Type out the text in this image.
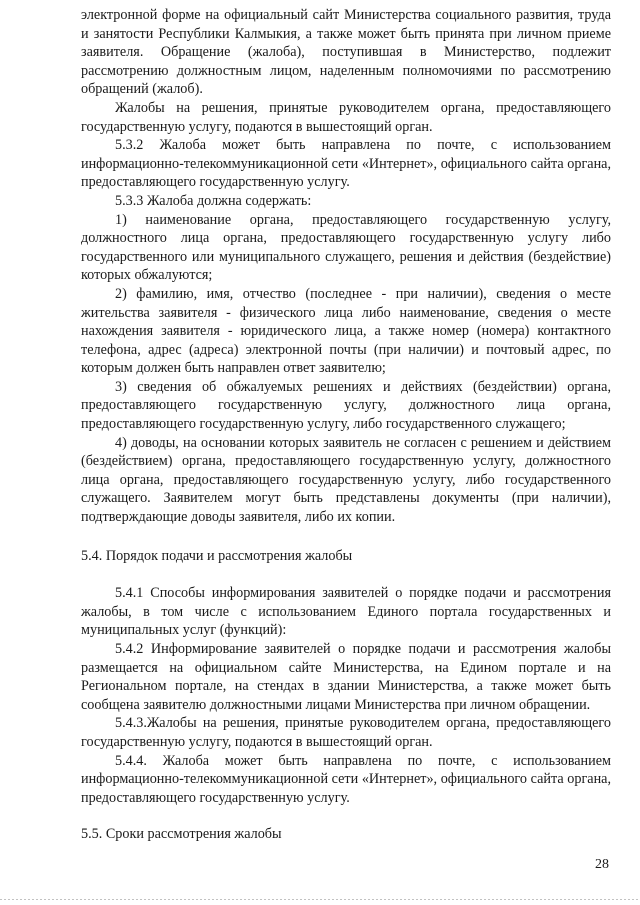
электронной форме на официальный сайт Министерства социального развития, труда и занятости Республики Калмыкия, а также может быть принята при личном приеме заявителя. Обращение (жалоба), поступившая в Министерство, подлежит рассмотрению должностным лицом, наделенным полномочиями по рассмотрению обращений (жалоб).

Жалобы на решения, принятые руководителем органа, предоставляющего государственную услугу, подаются в вышестоящий орган.

5.3.2 Жалоба может быть направлена по почте, с использованием информационно-телекоммуникационной сети «Интернет», официального сайта органа, предоставляющего государственную услугу.

5.3.3 Жалоба должна содержать:

1) наименование органа, предоставляющего государственную услугу, должностного лица органа, предоставляющего государственную услугу либо государственного или муниципального служащего, решения и действия (бездействие) которых обжалуются;

2) фамилию, имя, отчество (последнее - при наличии), сведения о месте жительства заявителя - физического лица либо наименование, сведения о месте нахождения заявителя - юридического лица, а также номер (номера) контактного телефона, адрес (адреса) электронной почты (при наличии) и почтовый адрес, по которым должен быть направлен ответ заявителю;

3) сведения об обжалуемых решениях и действиях (бездействии) органа, предоставляющего государственную услугу, должностного лица органа, предоставляющего государственную услугу, либо государственного служащего;

4) доводы, на основании которых заявитель не согласен с решением и действием (бездействием) органа, предоставляющего государственную услугу, должностного лица органа, предоставляющего государственную услугу, либо государственного служащего. Заявителем могут быть представлены документы (при наличии), подтверждающие доводы заявителя, либо их копии.

5.4. Порядок подачи и рассмотрения жалобы

5.4.1 Способы информирования заявителей о порядке подачи и рассмотрения жалобы, в том числе с использованием Единого портала государственных и муниципальных услуг (функций):

5.4.2 Информирование заявителей о порядке подачи и рассмотрения жалобы размещается на официальном сайте Министерства, на Едином портале и на Региональном портале, на стендах в здании Министерства, а также может быть сообщена заявителю должностными лицами Министерства при личном обращении.

5.4.3.Жалобы на решения, принятые руководителем органа, предоставляющего государственную услугу, подаются в вышестоящий орган.

5.4.4. Жалоба может быть направлена по почте, с использованием информационно-телекоммуникационной сети «Интернет», официального сайта органа, предоставляющего государственную услугу.

5.5. Сроки рассмотрения жалобы

28
